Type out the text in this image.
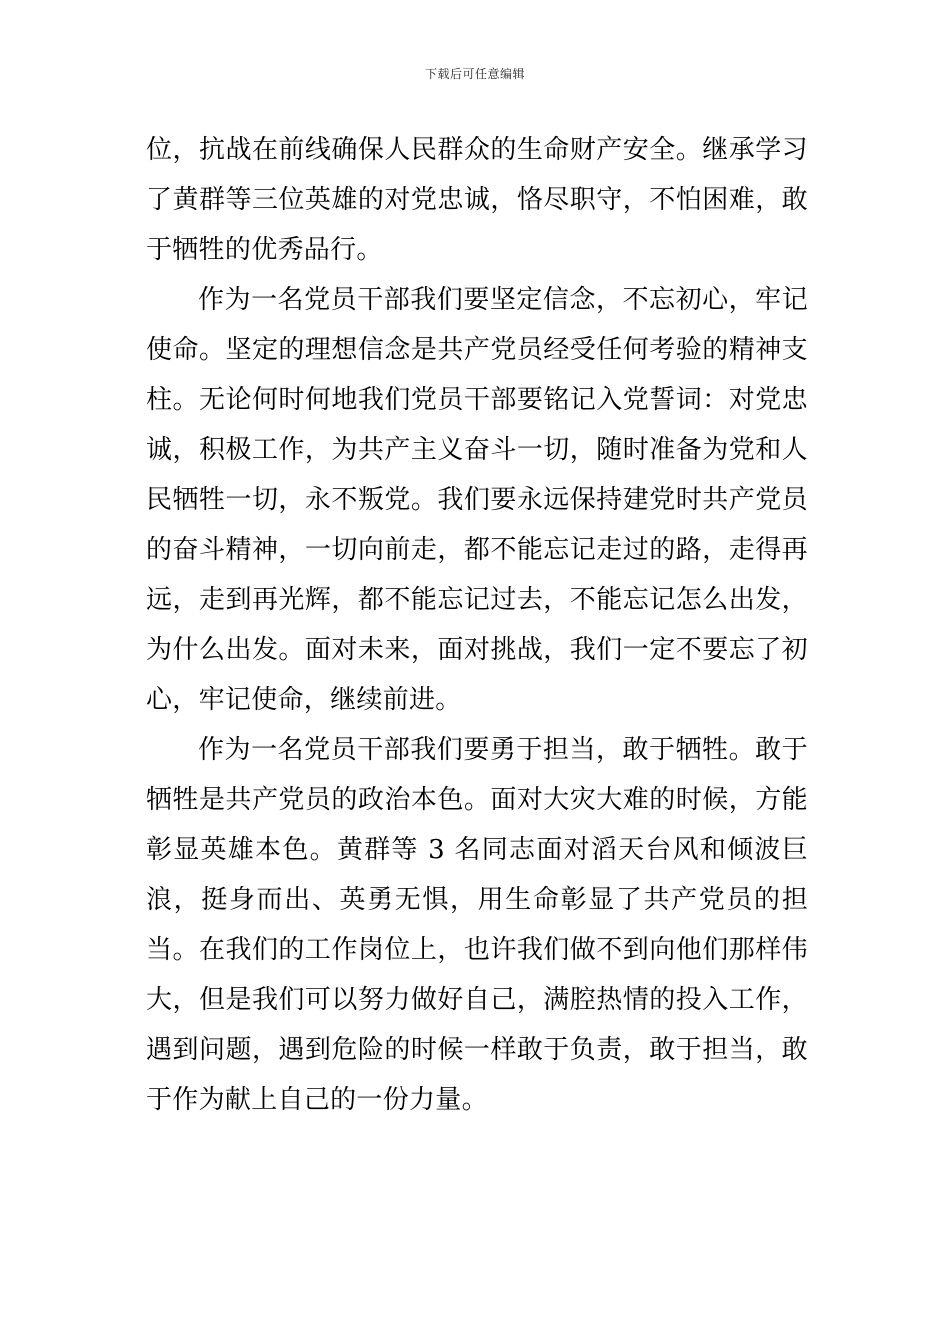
下载后可任意编辑

位，抗战在前线确保人民群众的生命财产安全。继承学习了黄群等三位英雄的对党忠诚，恪尽职守，不怕困难，敢于牺牲的优秀品行。

作为一名党员干部我们要坚定信念，不忘初心，牢记使命。坚定的理想信念是共产党员经受任何考验的精神支柱。无论何时何地我们党员干部要铭记入党誓词：对党忠诚，积极工作，为共产主义奋斗一切，随时准备为党和人民牺牲一切，永不叛党。我们要永远保持建党时共产党员的奋斗精神，一切向前走，都不能忘记走过的路，走得再远，走到再光辉，都不能忘记过去，不能忘记怎么出发，为什么出发。面对未来，面对挑战，我们一定不要忘了初心，牢记使命，继续前进。

作为一名党员干部我们要勇于担当，敢于牺牲。敢于牺牲是共产党员的政治本色。面对大灾大难的时候，方能彰显英雄本色。黄群等 3 名同志面对滔天台风和倾波巨浪，挺身而出、英勇无惧，用生命彰显了共产党员的担当。在我们的工作岗位上，也许我们做不到向他们那样伟大，但是我们可以努力做好自己，满腔热情的投入工作，遇到问题，遇到危险的时候一样敢于负责，敢于担当，敢于作为献上自己的一份力量。
